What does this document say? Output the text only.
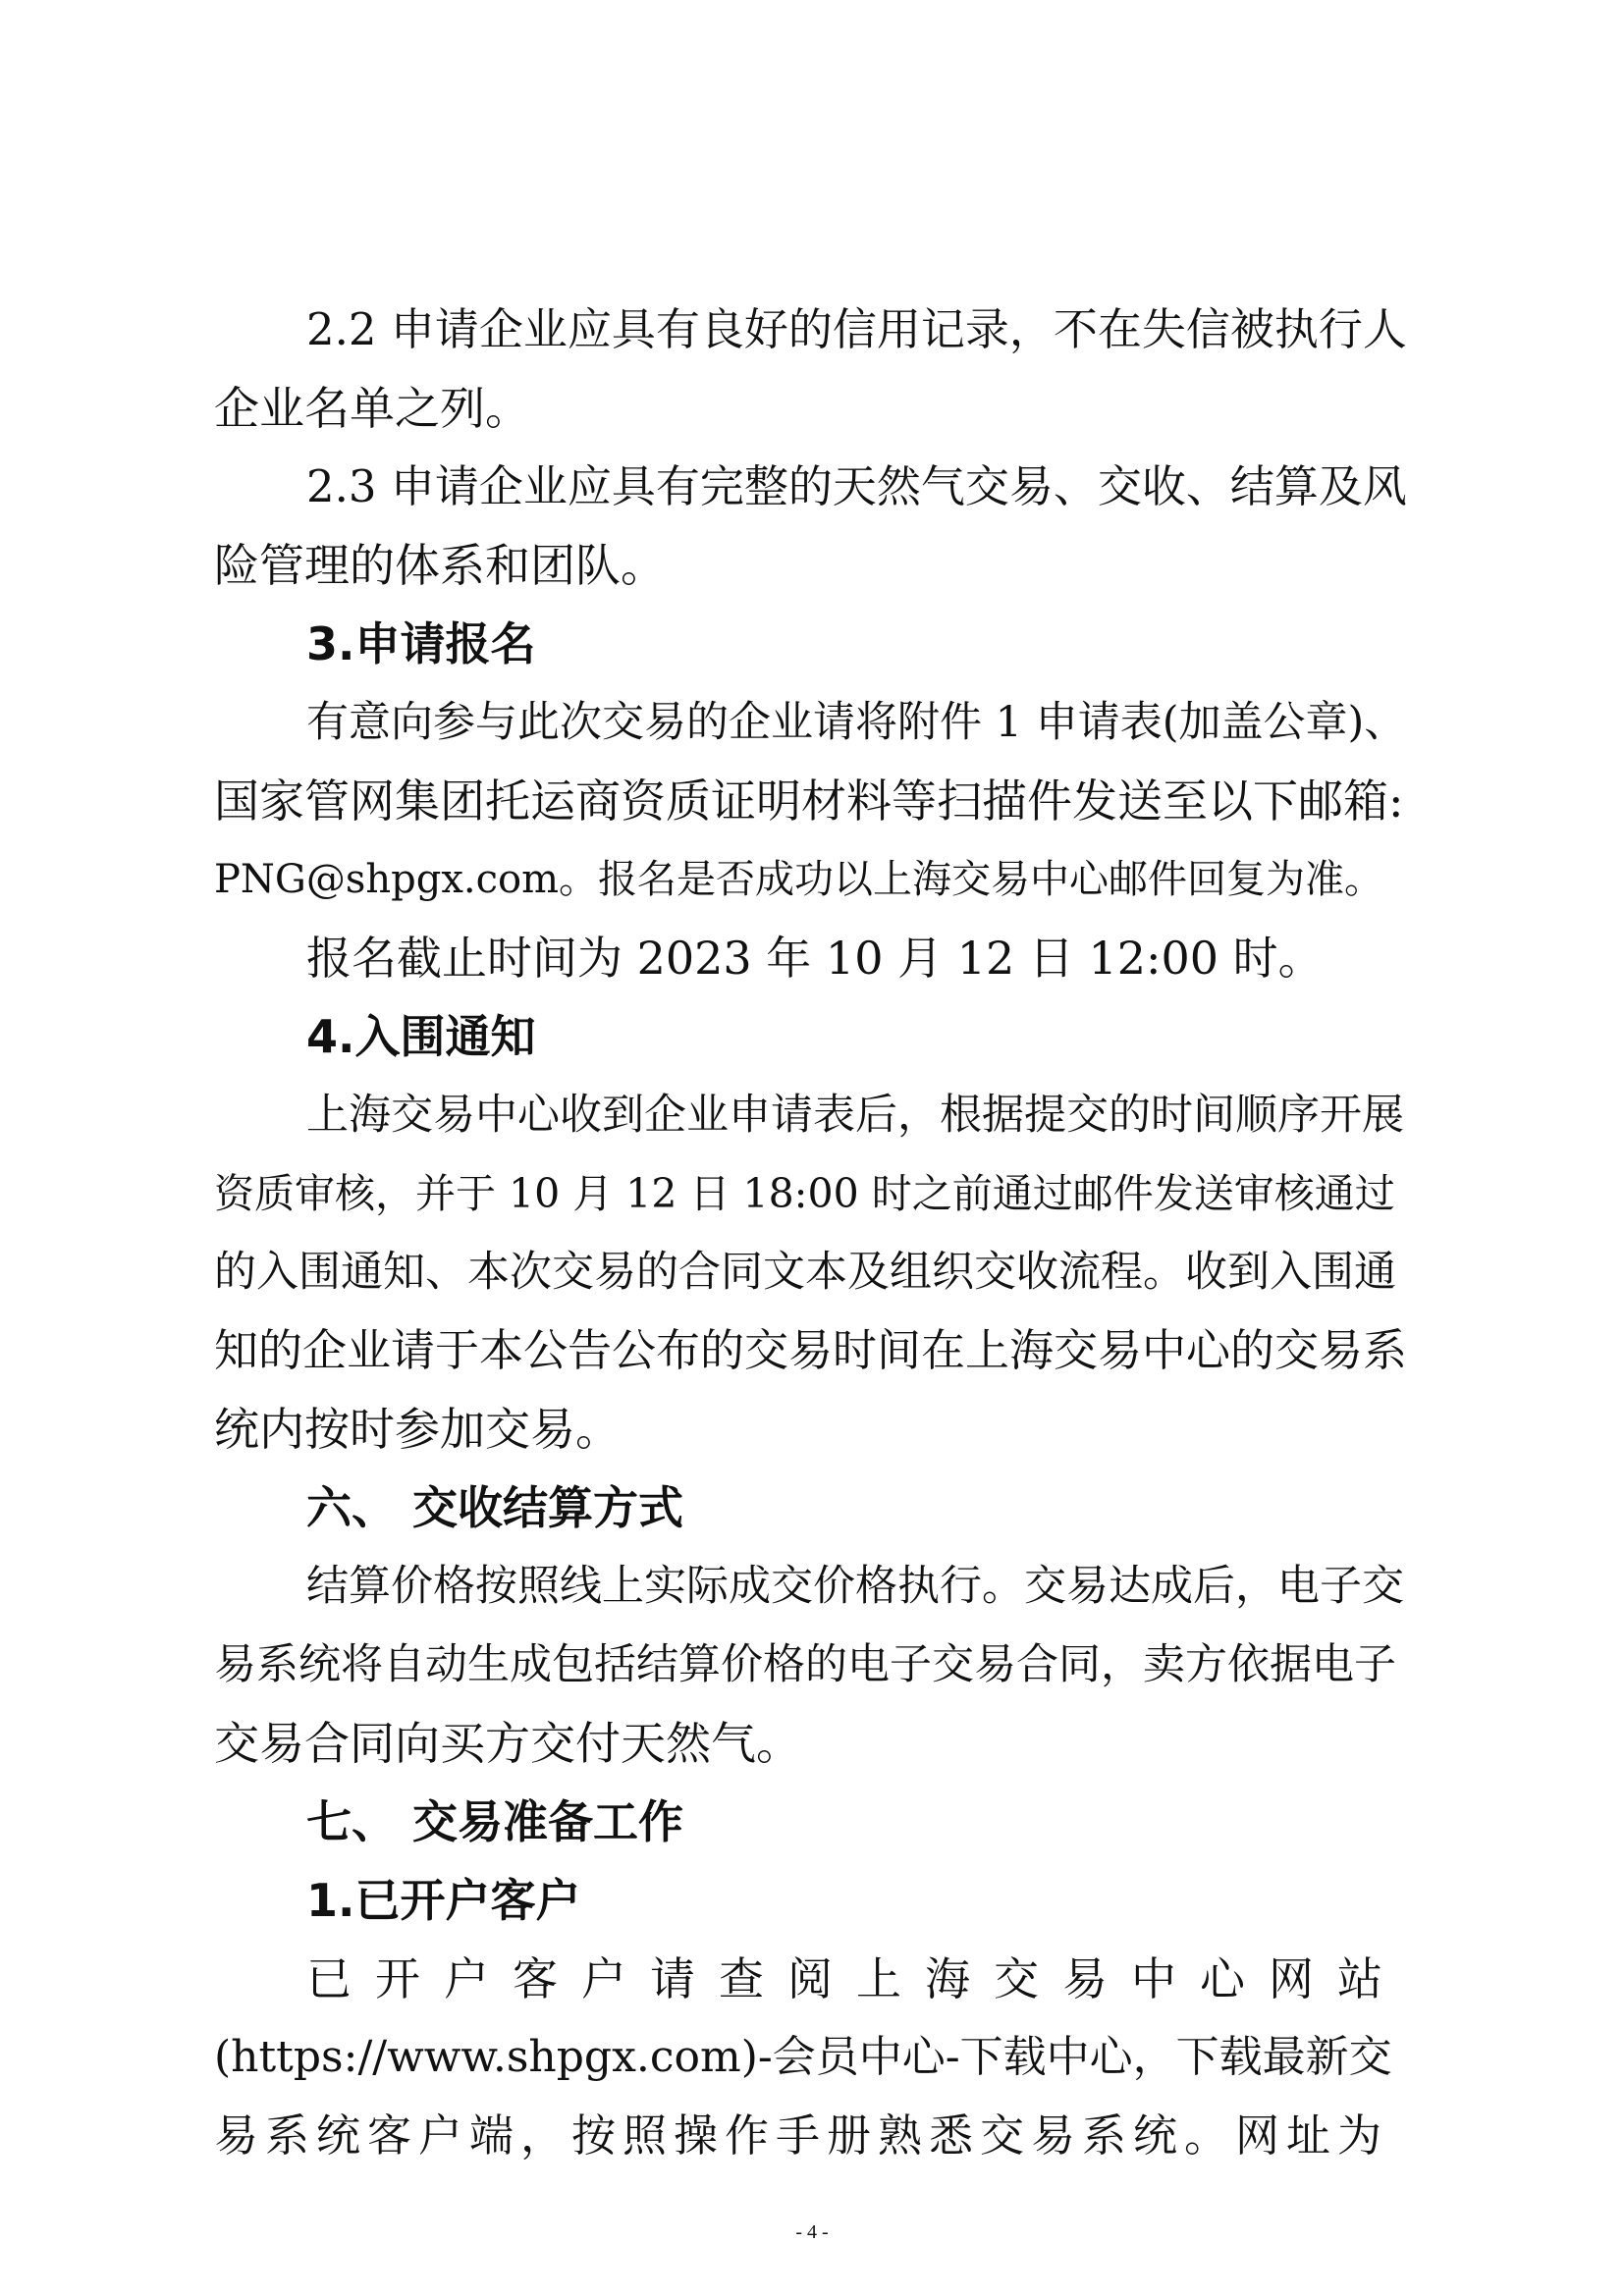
2.2 申请企业应具有良好的信用记录，不在失信被执行人
企业名单之列。
2.3 申请企业应具有完整的天然气交易、交收、结算及风
险管理的体系和团队。
3.申请报名
有意向参与此次交易的企业请将附件 1 申请表(加盖公章)、
国家管网集团托运商资质证明材料等扫描件发送至以下邮箱:
PNG@shpgx.com。报名是否成功以上海交易中心邮件回复为准。
报名截止时间为 2023 年 10 月 12 日 12:00 时。
4.入围通知
上海交易中心收到企业申请表后，根据提交的时间顺序开展
资质审核，并于 10 月 12 日 18:00 时之前通过邮件发送审核通过
的入围通知、本次交易的合同文本及组织交收流程。收到入围通
知的企业请于本公告公布的交易时间在上海交易中心的交易系
统内按时参加交易。
六、 交收结算方式
结算价格按照线上实际成交价格执行。交易达成后，电子交
易系统将自动生成包括结算价格的电子交易合同，卖方依据电子
交易合同向买方交付天然气。
七、 交易准备工作
1.已开户客户
已开户客户请查阅上海交易中心网站
(https://www.shpgx.com)-会员中心-下载中心，下载最新交
易系统客户端，按照操作手册熟悉交易系统。网址为
- 4 -
